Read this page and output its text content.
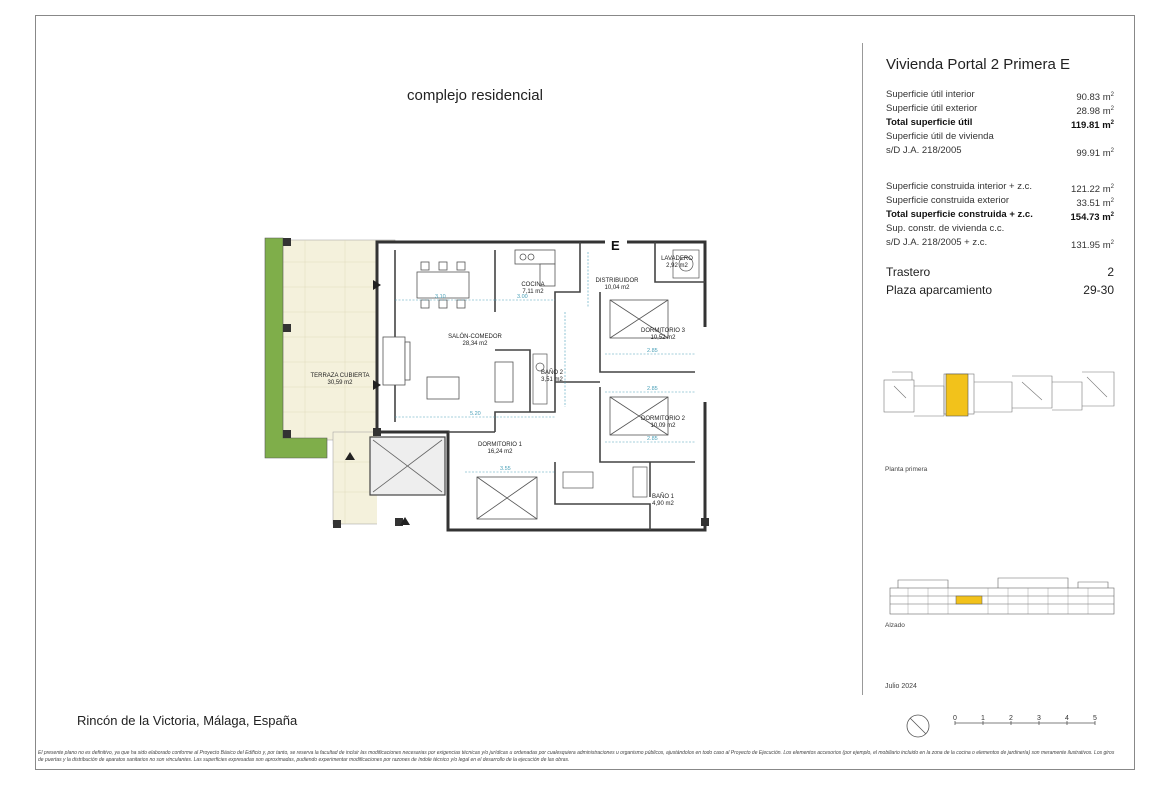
complejo residencial
3.10	3.00
5.20
3.55
2.85
2.85
2.85
TERRAZA CUBIERTA
30,59 m2
SALÓN-COMEDOR
28,34 m2
COCINA
7,11 m2
DISTRIBUIDOR
10,04 m2
LAVADERO
2,92 m2
DORMITORIO 3
10,52 m2
BAÑO 2
3,51 m2
DORMITORIO 2
10,09 m2
DORMITORIO 1
16,24 m2
BAÑO 1
4,90 m2
E
Vivienda Portal 2 Primera E
Superficie útil interior	90.83 $m^2$
Superficie útil exterior	28.98 $m^2$
Total superficie útil	119.81 $m^2$
Superficie útil de vivienda
s/D J.A. 218/2005	99.91 $m^2$
Superficie construida interior + z.c.	121.22 $m^2$
Superficie construida exterior	33.51 $m^2$
Total superficie construida + z.c.	154.73 $m^2$
Sup. constr. de vivienda c.c.
s/D J.A. 218/2005 + z.c.	131.95 $m^2$
Trastero	2
Plaza aparcamiento	29-30
Planta primera
Alzado
Julio 2024
0	1	2	3	4	5
Rincón de la Victoria, Málaga, España
El presente plano no es definitivo, ya que ha sido elaborado conforme al Proyecto Básico del Edificio y, por tanto, se reserva la facultad de incluir las modificaciones necesarias por exigencias técnicas y/o jurídicas u ordenadas por cualesquiera administraciones u organismo públicos, ajustándolos en todo caso al Proyecto de Ejecución. Los elementos accesorios (por ejemplo, el mobiliario incluido en la zona de la cocina o elementos de jardinería) son meramente ilustrativos. Los giros de puertas y la distribución de aparatos sanitarios no son vinculantes. Las superficies expresadas son aproximadas, pudiendo experimentar modificaciones por razones de índole técnico y/o legal en el desarrollo de la ejecución de las obras.
